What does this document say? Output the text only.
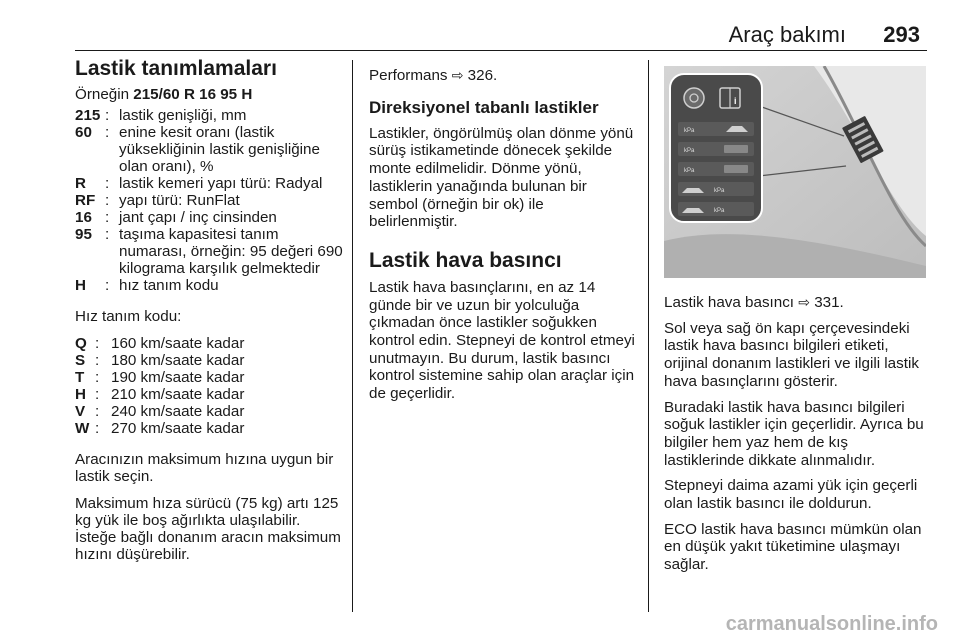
Araç bakımı 293
Lastik tanımlamaları
Örneğin 215/60 R 16 95 H
215 : lastik genişliği, mm
60 : enine kesit oranı (lastik yüksekliğinin lastik genişliğine olan oranı), %
R	: lastik kemeri yapı türü: Radyal
RF : yapı türü: RunFlat
16 : jant çapı / inç cinsinden
95 : taşıma kapasitesi tanım numarası, örneğin: 95 değeri 690 kilograma karşılık gelmektedir
H	: hız tanım kodu

Hız tanım kodu:

Q : 160 km/saate kadar
S : 180 km/saate kadar
T : 190 km/saate kadar
H : 210 km/saate kadar
V : 240 km/saate kadar
W : 270 km/saate kadar

Aracınızın maksimum hızına uygun bir lastik seçin.

Maksimum hıza sürücü (75 kg) artı 125 kg yük ile boş ağırlıkta ulaşılabilir. İsteğe bağlı donanım aracın maksimum hızını düşürebilir.

Performans ⇨ 326.

Direksiyonel tabanlı lastikler

Lastikler, öngörülmüş olan dönme yönü sürüş istikametinde dönecek şekilde monte edilmelidir. Dönme yönü, lastiklerin yanağında bulunan bir sembol (örneğin bir ok) ile belirlenmiştir.

Lastik hava basıncı

Lastik hava basınçlarını, en az 14 günde bir ve uzun bir yolculuğa çıkmadan önce lastikler soğukken kontrol edin. Stepneyi de kontrol etmeyi unutmayın. Bu durum, lastik basıncı kontrol sistemine sahip olan araçlar için de geçerlidir.

i
kPa
kPa
kPa
kPa
kPa

Lastik hava basıncı ⇨ 331.

Sol veya sağ ön kapı çerçevesindeki lastik hava basıncı bilgileri etiketi, orijinal donanım lastikleri ve ilgili lastik hava basınçlarını gösterir.

Buradaki lastik hava basıncı bilgileri soğuk lastikler için geçerlidir. Ayrıca bu bilgiler hem yaz hem de kış lastiklerinde dikkate alınmalıdır.

Stepneyi daima azami yük için geçerli olan lastik basıncı ile doldurun.

ECO lastik hava basıncı mümkün olan en düşük yakıt tüketimine ulaşmayı sağlar.

carmanualsonline.info
